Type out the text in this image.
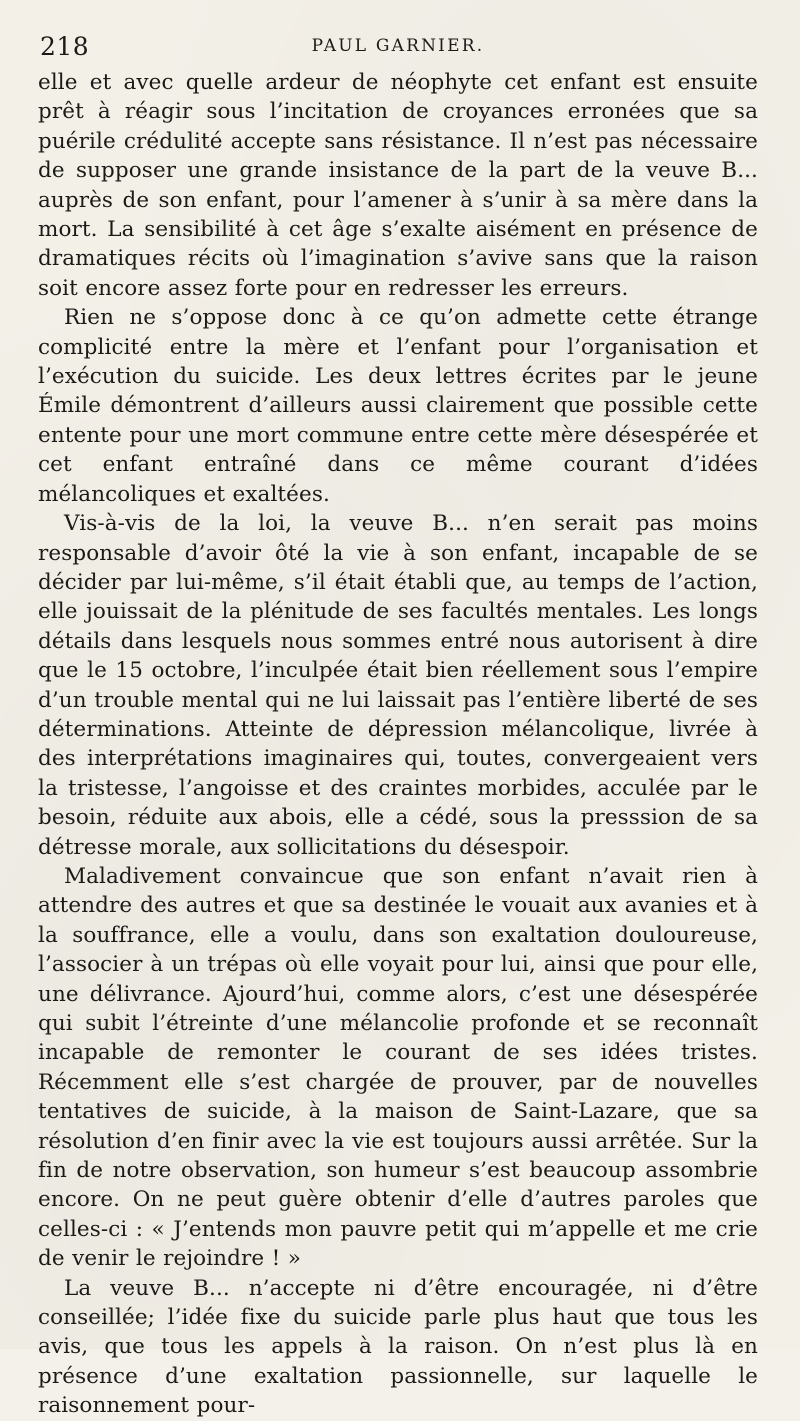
218	PAUL GARNIER.

elle et avec quelle ardeur de néophyte cet enfant est ensuite prêt à réagir sous l’incitation de croyances erronées que sa puérile crédulité accepte sans résistance. Il n’est pas nécessaire de supposer une grande insistance de la part de la veuve B... auprès de son enfant, pour l’amener à s’unir à sa mère dans la mort. La sensibilité à cet âge s’exalte aisément en présence de dramatiques récits où l’imagination s’avive sans que la raison soit encore assez forte pour en redresser les erreurs.

Rien ne s’oppose donc à ce qu’on admette cette étrange complicité entre la mère et l’enfant pour l’organisation et l’exécution du suicide. Les deux lettres écrites par le jeune Émile démontrent d’ailleurs aussi clairement que possible cette entente pour une mort commune entre cette mère désespérée et cet enfant entraîné dans ce même courant d’idées mélancoliques et exaltées.

Vis-à-vis de la loi, la veuve B... n’en serait pas moins responsable d’avoir ôté la vie à son enfant, incapable de se décider par lui-même, s’il était établi que, au temps de l’action, elle jouissait de la plénitude de ses facultés mentales. Les longs détails dans lesquels nous sommes entré nous autorisent à dire que le 15 octobre, l’inculpée était bien réellement sous l’empire d’un trouble mental qui ne lui laissait pas l’entière liberté de ses déterminations. Atteinte de dépression mélancolique, livrée à des interprétations imaginaires qui, toutes, convergeaient vers la tristesse, l’angoisse et des craintes morbides, acculée par le besoin, réduite aux abois, elle a cédé, sous la presssion de sa détresse morale, aux sollicitations du désespoir.

Maladivement convaincue que son enfant n’avait rien à attendre des autres et que sa destinée le vouait aux avanies et à la souffrance, elle a voulu, dans son exaltation douloureuse, l’associer à un trépas où elle voyait pour lui, ainsi que pour elle, une délivrance. Ajourd’hui, comme alors, c’est une désespérée qui subit l’étreinte d’une mélancolie profonde et se reconnaît incapable de remonter le courant de ses idées tristes. Récemment elle s’est chargée de prouver, par de nouvelles tentatives de suicide, à la maison de Saint-Lazare, que sa résolution d’en finir avec la vie est toujours aussi arrêtée. Sur la fin de notre observation, son humeur s’est beaucoup assombrie encore. On ne peut guère obtenir d’elle d’autres paroles que celles-ci : « J’entends mon pauvre petit qui m’appelle et me crie de venir le rejoindre ! »

La veuve B... n’accepte ni d’être encouragée, ni d’être conseillée; l’idée fixe du suicide parle plus haut que tous les avis, que tous les appels à la raison. On n’est plus là en présence d’une exaltation passionnelle, sur laquelle le raisonnement pour-
